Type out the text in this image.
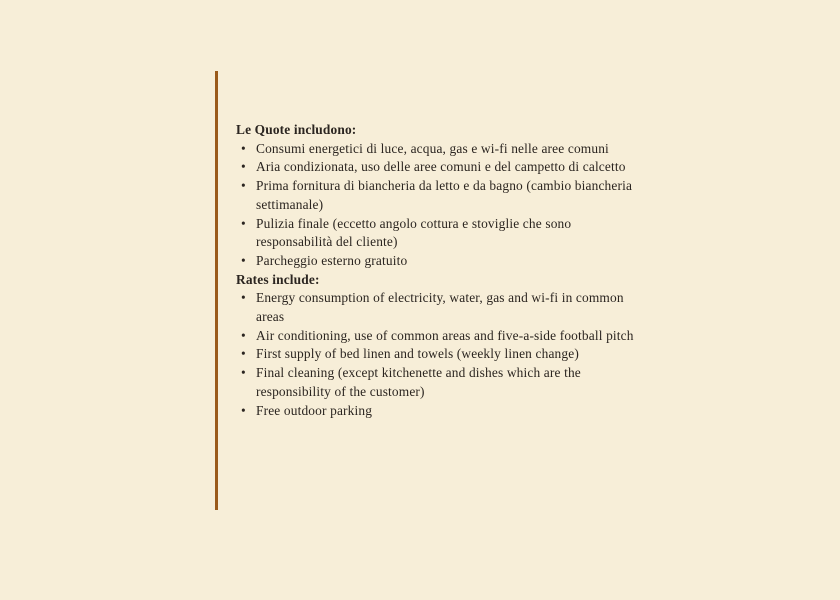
Le Quote includono:

• Consumi energetici di luce, acqua, gas e wi-fi nelle aree comuni
• Aria condizionata, uso delle aree comuni e del campetto di calcetto
• Prima fornitura di biancheria da letto e da bagno (cambio biancheria settimanale)
• Pulizia finale (eccetto angolo cottura e stoviglie che sono responsabilità del cliente)
• Parcheggio esterno gratuito

Rates include:

• Energy consumption of electricity, water, gas and wi-fi in common areas
• Air conditioning, use of common areas and five-a-side football pitch
• First supply of bed linen and towels (weekly linen change)
• Final cleaning (except kitchenette and dishes which are the responsibility of the customer)
• Free outdoor parking
